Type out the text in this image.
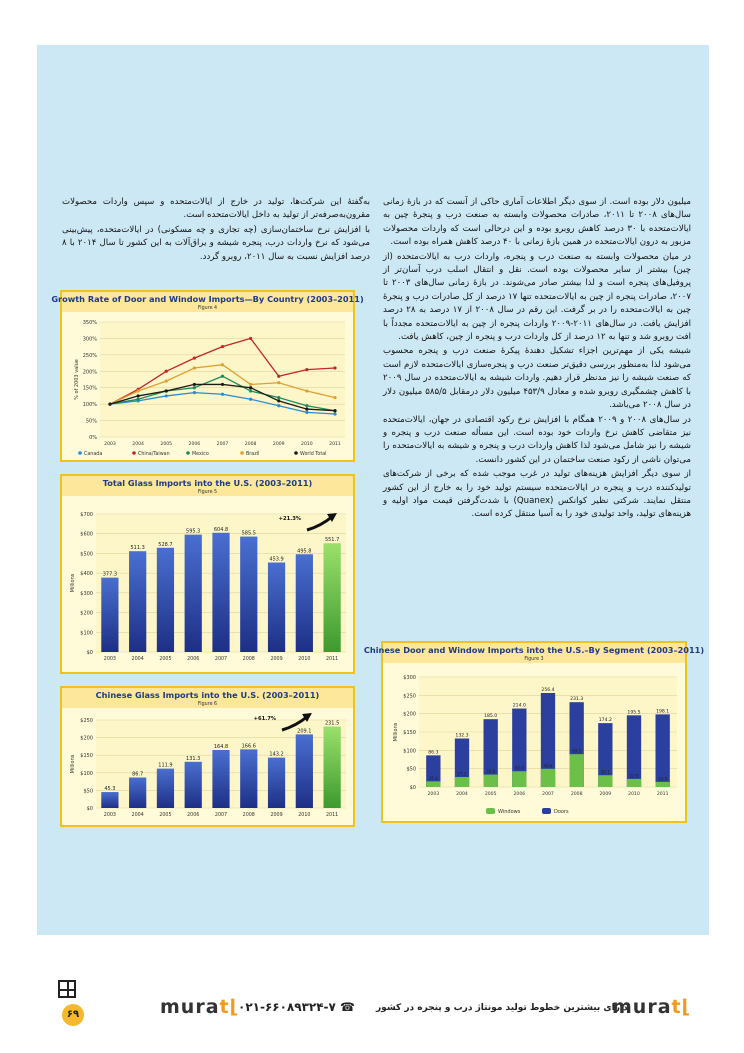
میلیون دلار بوده است. از سوی دیگر اطلاعات آماری حاکی از آنست که در بازهٔ زمانی سال‌های ۲۰۰۸ تا ۲۰۱۱، صادرات محصولات وابسته به صنعت درب و پنجرهٔ چین به ایالات‌متحده با ۳۰ درصد کاهش روبرو بوده و این درحالی است که واردات محصولات مزبور به درون ایالات‌متحده در همین بازهٔ زمانی با ۴۰ درصد کاهش همراه بوده است.

در میان محصولات وابسته به صنعت درب و پنجره، واردات درب به ایالات‌متحده (از چین) بیشتر از سایر محصولات بوده است. نقل و انتقال اسلب درب آسان‌تر از پروفیل‌های پنجره است و لذا بیشتر صادر می‌شوند. در بازهٔ زمانی سال‌های ۲۰۰۳ تا ۲۰۰۷، صادرات پنجره از چین به ایالات‌متحده تنها ۱۷ درصد از کل صادرات درب و پنجرهٔ چین به ایالات‌متحده را در بر گرفت. این رقم در سال ۲۰۰۸ از ۱۷ درصد به ۲۸ درصد افزایش یافت. در سال‌های ۲۰۱۱-۲۰۰۹ واردات پنجره از چین به ایالات‌متحده مجدداً با افت روبرو شد و تنها به ۱۲ درصد از کل واردات درب و پنجره از چین، کاهش یافت.

شیشه یکی از مهم‌ترین اجزاء تشکیل دهندهٔ پیکرهٔ صنعت درب و پنجره محسوب می‌شود لذا به‌منظور بررسی دقیق‌تر صنعت درب و پنجره‌سازی ایالات‌متحده لازم است که صنعت شیشه را نیز مدنظر قرار دهیم. واردات شیشه به ایالات‌متحده در سال ۲۰۰۹ با کاهش چشمگیری روبرو شده و معادل ۴۵۳/۹ میلیون دلار درمقابل ۵۸۵/۵ میلیون دلار در سال ۲۰۰۸ می‌باشد.

در سال‌های ۲۰۰۸ و ۲۰۰۹ همگام با افزایش نرخ رکود اقتصادی در جهان، ایالات‌متحده نیز متقاضی کاهش نرخ واردات خود بوده است. این مسأله صنعت درب و پنجره و شیشه را نیز شامل می‌شود لذا کاهش واردات درب و پنجره و شیشه به ایالات‌متحده را می‌توان ناشی از رکود صنعت ساختمان در این کشور دانست.

از سوی دیگر افزایش هزینه‌های تولید در غرب موجب شده که برخی از شرکت‌های تولیدکننده درب و پنجره در ایالات‌متحده سیستم تولید خود را به خارج از این کشور منتقل نمایند. شرکتی نظیر کوانکس (Quanex) با شدت‌گرفتن قیمت مواد اولیه و هزینه‌های تولید، واحد تولیدی خود را به آسیا منتقل کرده است.

به‌گفتهٔ این شرکت‌ها، تولید در خارج از ایالات‌متحده و سپس واردات محصولات مقرون‌به‌صرفه‌تر از تولید به داخل ایالات‌متحده است.

با افزایش نرخ ساختمان‌سازی (چه تجاری و چه مسکونی) در ایالات‌متحده، پیش‌بینی می‌شود که نرخ واردات درب، پنجره شیشه و یراق‌آلات به این کشور تا سال ۲۰۱۴ با ۸ درصد افزایش نسبت به سال ۲۰۱۱، روبرو گردد.

Growth Rate of Door and Window Imports—By Country (2003–2011)
Figure 4
0%
50%
100%
150%
200%
250%
300%
350%
% of 2003 value
2003	2004	2005	2006	2007	2008	2009	2010	2011
Canada	China/Taiwan	Mexico	Brazil	World Total
Total Glass Imports into the U.S. (2003–2011)
Figure 5
$0
$100
$200
$300
$400
$500
$600
$700
Millions	377.3
2003
511.3
2004
528.7
2005
595.3
2006
604.8
2007
585.5
2008
453.9
2009
495.8
2010
551.7
2011
+21.3%
Chinese Glass Imports into the U.S. (2003–2011)
Figure 6
$0
$50
$100
$150
$200
$250
Millions
45.3
2003
86.7
2004
111.9
2005
131.3
2006
164.8
2007
166.6
2008
143.2
2009
209.1
2010
231.5
2011
+61.7%
Chinese Door and Window Imports into the U.S.–By Segment (2003–2011)
Figure 3
$0
$50
$100
$150
$200
$250
$300
Millions
86.3
15.4
2003
132.3
27.2
2004
185.0
33.8
2005
214.0
43.0
2006
256.4
49.6
2007
231.3
89.5
2008
174.2
32.1
2009
195.5
22.0
2010
198.1
14.0
2011
Windows	Doors
murat⌊	☎ ۰۲۱-۶۶۰۸۹۳۲۴-۷	دارای بیشترین خطوط تولید مونتاژ درب و پنجره در کشور
murat⌊
۶۹
